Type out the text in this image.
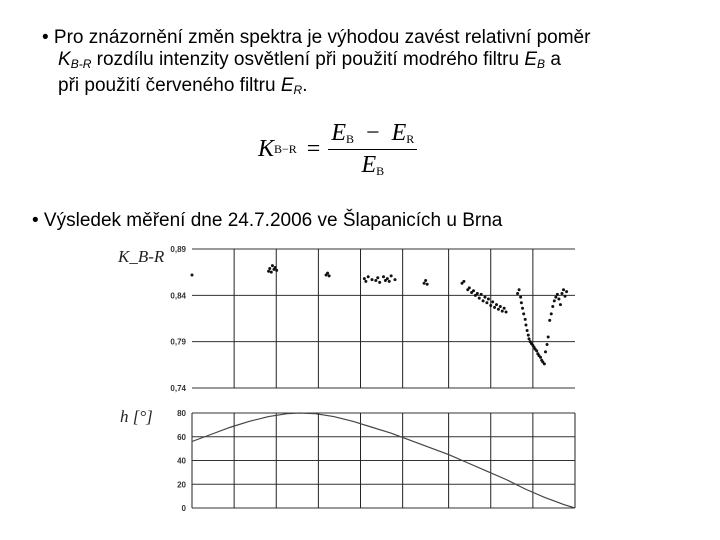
• Pro znázornění změn spektra je výhodou zavést relativní poměr
$K_{B-R}$ rozdílu intenzity osvětlení při použití modrého filtru $E_B$ a
při použití červeného filtru $E_R$.
K $B-R = \frac{E_B - E_R}{E_B}$
• Výsledek měření dne 24.7.2006 ve Šlapanicích u Brna
K_B-R 0,89
0,84
0,79
0,74
h [°]	80
60
40
20
0
